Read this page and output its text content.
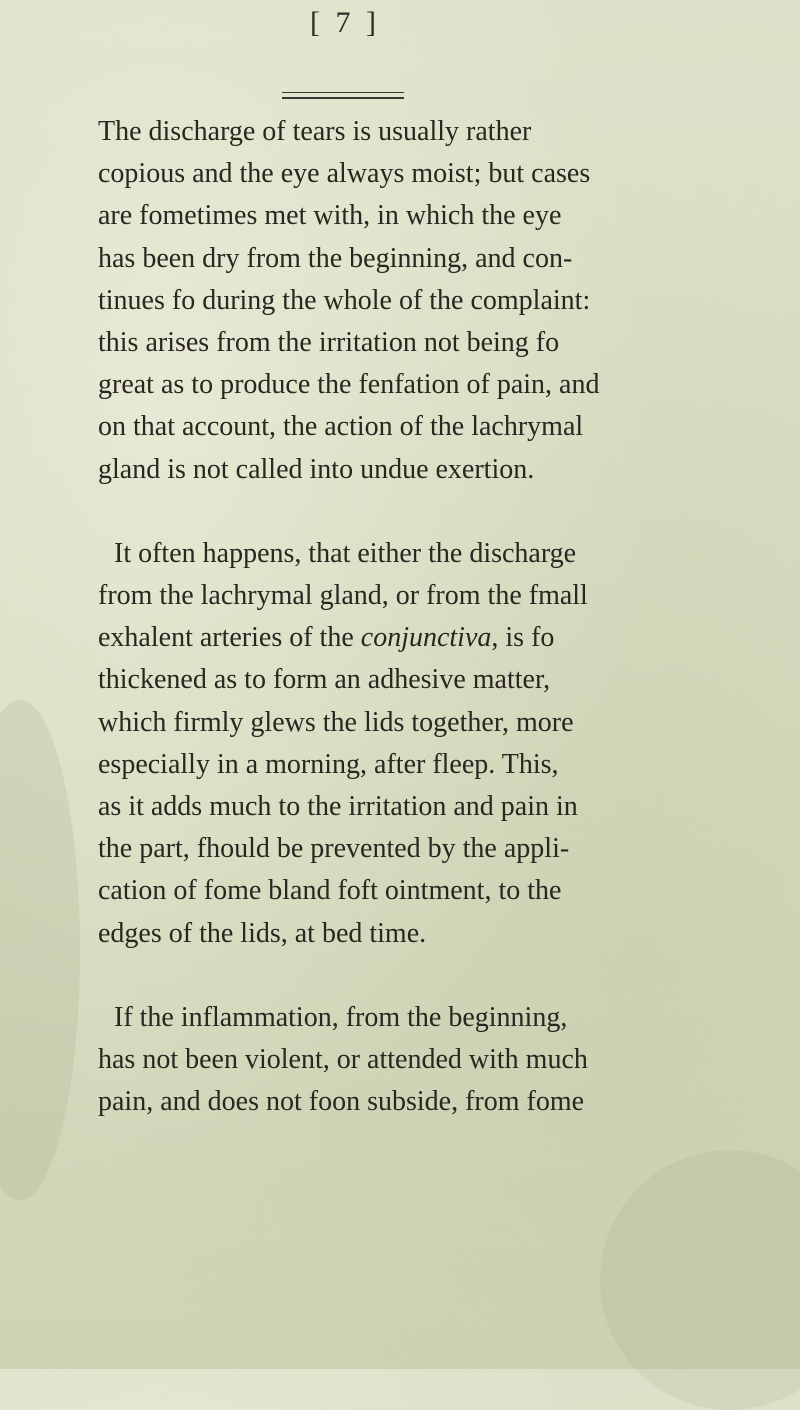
[ 7 ]

The discharge of tears is usually rather
copious and the eye always moist; but cases
are fometimes met with, in which the eye
has been dry from the beginning, and con-
tinues fo during the whole of the complaint:
this arises from the irritation not being fo
great as to produce the fenfation of pain, and
on that account, the action of the lachrymal
gland is not called into undue exertion.

It often happens, that either the discharge
from the lachrymal gland, or from the fmall
exhalent arteries of the conjunctiva, is fo
thickened as to form an adhesive matter,
which firmly glews the lids together, more
especially in a morning, after fleep. This,
as it adds much to the irritation and pain in
the part, fhould be prevented by the appli-
cation of fome bland foft ointment, to the
edges of the lids, at bed time.

If the inflammation, from the beginning,
has not been violent, or attended with much
pain, and does not foon subside, from fome
